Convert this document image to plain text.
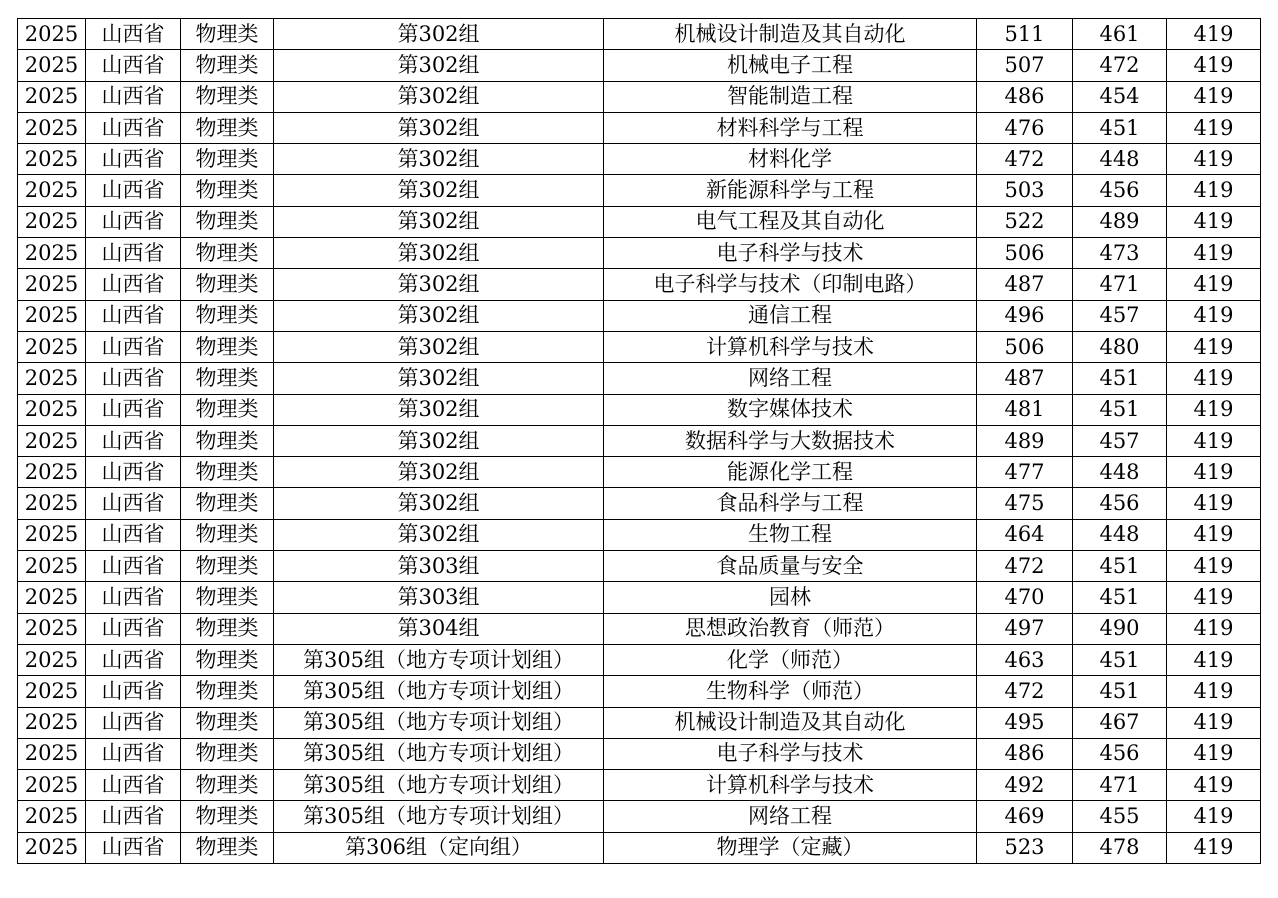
2025	山西省	物理类	第302组	机械设计制造及其自动化	511	461	419
2025	山西省	物理类	第302组	机械电子工程	507	472	419
2025	山西省	物理类	第302组	智能制造工程	486	454	419
2025	山西省	物理类	第302组	材料科学与工程	476	451	419
2025	山西省	物理类	第302组	材料化学	472	448	419
2025	山西省	物理类	第302组	新能源科学与工程	503	456	419
2025	山西省	物理类	第302组	电气工程及其自动化	522	489	419
2025	山西省	物理类	第302组	电子科学与技术	506	473	419
2025	山西省	物理类	第302组	电子科学与技术（印制电路）	487	471	419
2025	山西省	物理类	第302组	通信工程	496	457	419
2025	山西省	物理类	第302组	计算机科学与技术	506	480	419
2025	山西省	物理类	第302组	网络工程	487	451	419
2025	山西省	物理类	第302组	数字媒体技术	481	451	419
2025	山西省	物理类	第302组	数据科学与大数据技术	489	457	419
2025	山西省	物理类	第302组	能源化学工程	477	448	419
2025	山西省	物理类	第302组	食品科学与工程	475	456	419
2025	山西省	物理类	第302组	生物工程	464	448	419
2025	山西省	物理类	第303组	食品质量与安全	472	451	419
2025	山西省	物理类	第303组	园林	470	451	419
2025	山西省	物理类	第304组	思想政治教育（师范）	497	490	419
2025	山西省	物理类	第305组（地方专项计划组）	化学（师范）	463	451	419
2025	山西省	物理类	第305组（地方专项计划组）	生物科学（师范）	472	451	419
2025	山西省	物理类	第305组（地方专项计划组）	机械设计制造及其自动化	495	467	419
2025	山西省	物理类	第305组（地方专项计划组）	电子科学与技术	486	456	419
2025	山西省	物理类	第305组（地方专项计划组）	计算机科学与技术	492	471	419
2025	山西省	物理类	第305组（地方专项计划组）	网络工程	469	455	419
2025	山西省	物理类	第306组（定向组）	物理学（定藏）	523	478	419
